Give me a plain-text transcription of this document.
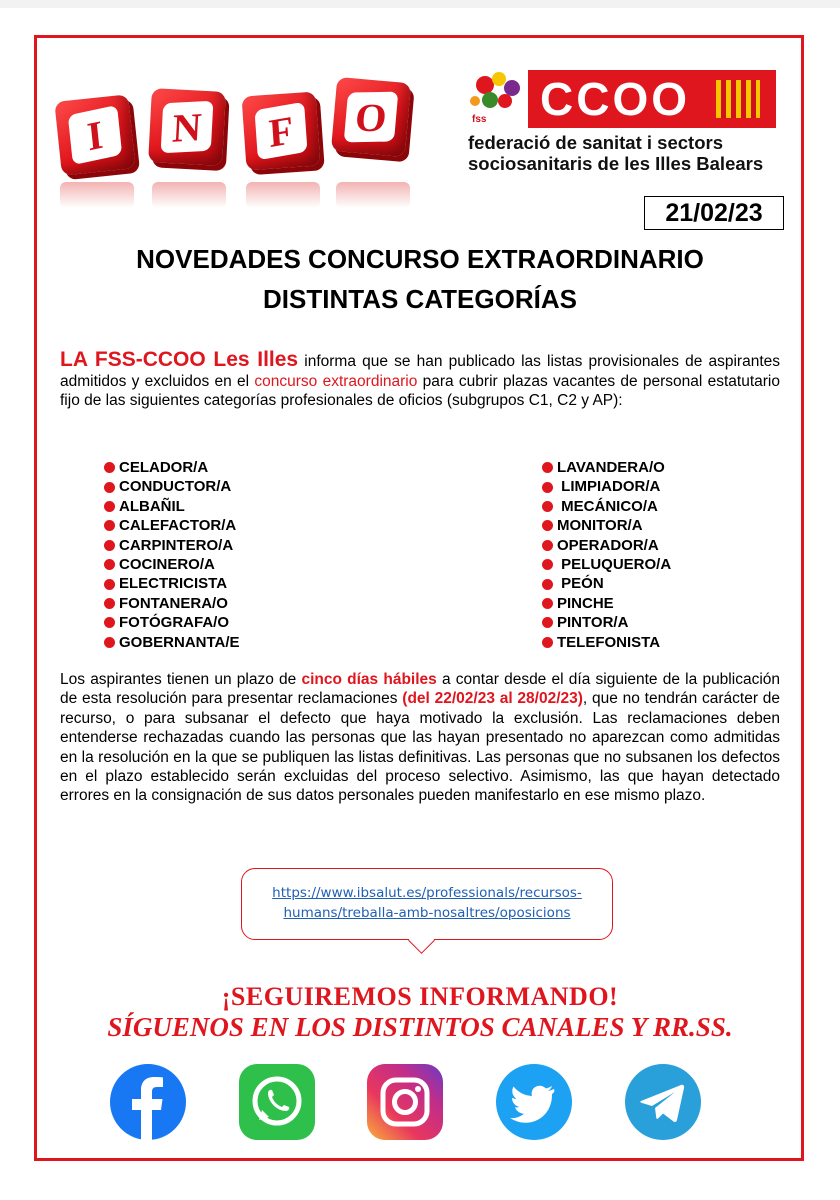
I	N	F	O	fss CCOO
federació de sanitat i sectors
sociosanitaris de les Illes Balears
21/02/23
NOVEDADES CONCURSO EXTRAORDINARIO
DISTINTAS CATEGORÍAS
LA FSS-CCOO Les Illes informa que se han publicado las listas provisionales de aspirantes admitidos y excluidos en el concurso extraordinario para cubrir plazas vacantes de personal estatutario fijo de las siguientes categorías profesionales de oficios (subgrupos C1, C2 y AP):
CELADOR/A
CONDUCTOR/A
ALBAÑIL
CALEFACTOR/A
CARPINTERO/A
COCINERO/A
ELECTRICISTA
FONTANERA/O
FOTÓGRAFA/O
GOBERNANTA/E
LAVANDERA/O
LIMPIADOR/A
MECÁNICO/A
MONITOR/A
OPERADOR/A
PELUQUERO/A
PEÓN
PINCHE
PINTOR/A
TELEFONISTA
Los aspirantes tienen un plazo de cinco días hábiles a contar desde el día siguiente de la publicación de esta resolución para presentar reclamaciones (del 22/02/23 al 28/02/23), que no tendrán carácter de recurso, o para subsanar el defecto que haya motivado la exclusión. Las reclamaciones deben entenderse rechazadas cuando las personas que las hayan presentado no aparezcan como admitidas en la resolución en la que se publiquen las listas definitivas. Las personas que no subsanen los defectos en el plazo establecido serán excluidas del proceso selectivo. Asimismo, las que hayan detectado errores en la consignación de sus datos personales pueden manifestarlo en ese mismo plazo.
https://www.ibsalut.es/professionals/recursos-
humans/treballa-amb-nosaltres/oposicions
¡SEGUIREMOS INFORMANDO!
SÍGUENOS EN LOS DISTINTOS CANALES Y RR.SS.
